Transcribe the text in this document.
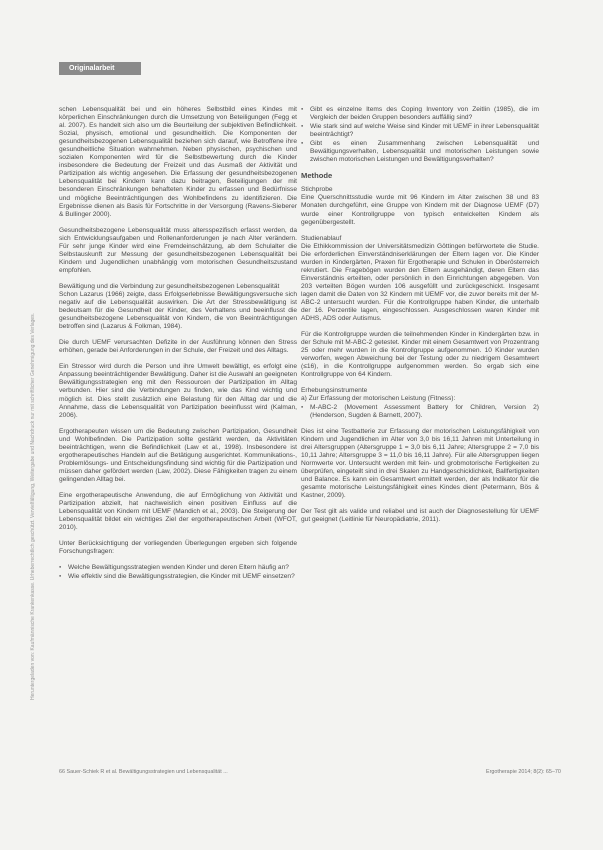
Heruntergeladen von: Kaufmännische Krankenkasse. Urheberrechtlich geschützt. Vervielfältigung, Weitergabe und Nachdruck nur mit schriftlicher Genehmigung des Verlages.
Originalarbeit

schen Lebensqualität bei und ein höheres Selbstbild eines Kindes mit körperlichen Einschränkungen durch die Umsetzung von Beteiligungen (Fegg et al. 2007). Es handelt sich also um die Beurteilung der subjektiven Befindlichkeit. Sozial, physisch, emotional und gesundheitlich. Die Komponenten der gesundheitsbezogenen Lebensqualität beziehen sich darauf, wie Betroffene ihre gesundheitliche Situation wahrnehmen. Neben physischen, psychischen und sozialen Komponenten wird für die Selbstbewertung durch die Kinder insbesondere die Bedeutung der Freizeit und das Ausmaß der Aktivität und Partizipation als wichtig angesehen. Die Erfassung der gesundheitsbezogenen Lebensqualität bei Kindern kann dazu beitragen, Beteiligungen der mit besonderen Einschränkungen behafteten Kinder zu erfassen und Bedürfnisse und mögliche Beeinträchtigungen des Wohlbefindens zu identifizieren. Die Ergebnisse dienen als Basis für Fortschritte in der Versorgung (Ravens-Sieberer & Bullinger 2000).

Gesundheitsbezogene Lebensqualität muss altersspezifisch erfasst werden, da sich Entwicklungsaufgaben und Rollenanforderungen je nach Alter verändern. Für sehr junge Kinder wird eine Fremdeinschätzung, ab dem Schulalter die Selbstauskunft zur Messung der gesundheitsbezogenen Lebensqualität bei Kindern und Jugendlichen unabhängig vom motorischen Gesundheitszustand empfohlen.

Bewältigung und die Verbindung zur gesundheitsbezogenen Lebensqualität

Schon Lazarus (1966) zeigte, dass Erfolgserlebnisse Bewältigungsversuche sich negativ auf die Lebensqualität auswirken. Die Art der Stressbewältigung ist bedeutsam für die Gesundheit der Kinder, des Verhaltens und beeinflusst die gesundheitsbezogene Lebensqualität von Kindern, die von Beeinträchtigungen betroffen sind (Lazarus & Folkman, 1984).

Die durch UEMF verursachten Defizite in der Ausführung können den Stress erhöhen, gerade bei Anforderungen in der Schule, der Freizeit und des Alltags.

Ein Stressor wird durch die Person und ihre Umwelt bewältigt, es erfolgt eine Anpassung beeinträchtigender Bewältigung. Daher ist die Auswahl an geeigneten Bewältigungsstrategien eng mit den Ressourcen der Partizipation im Alltag verbunden. Hier sind die Verbindungen zu finden, wie das Kind wichtig und möglich ist. Dies stellt zusätzlich eine Belastung für den Alltag dar und die Annahme, dass die Lebensqualität von Partizipation beeinflusst wird (Kalman, 2006).

Ergotherapeuten wissen um die Bedeutung zwischen Partizipation, Gesundheit und Wohlbefinden. Die Partizipation sollte gestärkt werden, da Aktivitäten beeinträchtigen, wenn die Befindlichkeit (Law et al., 1998). Insbesondere ist ergotherapeutisches Handeln auf die Betätigung ausgerichtet. Kommunikations-, Problemlösungs- und Entscheidungsfindung sind wichtig für die Partizipation und müssen daher gefördert werden (Law, 2002). Diese Fähigkeiten tragen zu einem gelingenden Alltag bei.

Eine ergotherapeutische Anwendung, die auf Ermöglichung von Aktivität und Partizipation abzielt, hat nachweislich einen positiven Einfluss auf die Lebensqualität von Kindern mit UEMF (Mandich et al., 2003). Die Steigerung der Lebensqualität bildet ein wichtiges Ziel der ergotherapeutischen Arbeit (WFOT, 2010).

Unter Berücksichtigung der vorliegenden Überlegungen ergeben sich folgende Forschungsfragen:

▪ Welche Bewältigungsstrategien wenden Kinder und deren Eltern häufig an?
▪ Wie effektiv sind die Bewältigungsstrategien, die Kinder mit UEMF einsetzen?
▪ Gibt es einzelne Items des Coping Inventory von Zeitlin (1985), die im Vergleich der beiden Gruppen besonders auffällig sind?
▪ Wie stark sind auf welche Weise sind Kinder mit UEMF in ihrer Lebensqualität beeinträchtigt?
▪ Gibt es einen Zusammenhang zwischen Lebensqualität und Bewältigungsverhalten, Lebensqualität und motorischen Leistungen sowie zwischen motorischen Leistungen und Bewältigungsverhalten?
Methode

Stichprobe

Eine Querschnittsstudie wurde mit 96 Kindern im Alter zwischen 38 und 83 Monaten durchgeführt, eine Gruppe von Kindern mit der Diagnose UEMF (D7) wurde einer Kontrollgruppe von typisch entwickelten Kindern als gegenübergestellt.

Studienablauf

Die Ethikkommission der Universitätsmedizin Göttingen befürwortete die Studie. Die erforderlichen Einverständniserklärungen der Eltern lagen vor. Die Kinder wurden in Kindergärten, Praxen für Ergotherapie und Schulen in Oberösterreich rekrutiert. Die Fragebögen wurden den Eltern ausgehändigt, deren Eltern das Einverständnis erteilten, oder persönlich in den Einrichtungen abgegeben. Von 203 verteilten Bögen wurden 106 ausgefüllt und zurückgeschickt. Insgesamt lagen damit die Daten von 32 Kindern mit UEMF vor, die zuvor bereits mit der M-ABC-2 untersucht wurden. Für die Kontrollgruppe haben Kinder, die unterhalb der 16. Perzentile lagen, eingeschlossen. Ausgeschlossen waren Kinder mit ADHS, ADS oder Autismus.

Für die Kontrollgruppe wurden die teilnehmenden Kinder in Kindergärten bzw. in der Schule mit M-ABC-2 getestet. Kinder mit einem Gesamtwert von Prozentrang 25 oder mehr wurden in die Kontrollgruppe aufgenommen. 10 Kinder wurden verworfen, wegen Abweichung bei der Testung oder zu niedrigem Gesamtwert (≤16), in die Kontrollgruppe aufgenommen werden. So ergab sich eine Kontrollgruppe von 64 Kindern.

Erhebungsinstrumente

a) Zur Erfassung der motorischen Leistung (Fitness):

▪ M-ABC-2 (Movement Assessment Battery for Children, Version 2) (Henderson, Sugden & Barnett, 2007).

Dies ist eine Testbatterie zur Erfassung der motorischen Leistungsfähigkeit von Kindern und Jugendlichen im Alter von 3,0 bis 16,11 Jahren mit Unterteilung in drei Altersgruppen (Altersgruppe 1 = 3,0 bis 6,11 Jahre; Altersgruppe 2 = 7,0 bis 10,11 Jahre; Altersgruppe 3 = 11,0 bis 16,11 Jahre). Für alle Altersgruppen liegen Normwerte vor. Untersucht werden mit fein- und grobmotorische Fertigkeiten zu überprüfen, eingeteilt sind in drei Skalen zu Handgeschicklichkeit, Ballfertigkeiten und Balance. Es kann ein Gesamtwert ermittelt werden, der als Indikator für die gesamte motorische Leistungsfähigkeit eines Kindes dient (Petermann, Bös & Kastner, 2009).

Der Test gilt als valide und reliabel und ist auch der Diagnosestellung für UEMF gut geeignet (Leitlinie für Neuropädiatrie, 2011).

66 Sauer-Schiek R et al. Bewältigungsstrategien und Lebensqualität ...	Ergotherapie 2014; 8(2): 65–70
